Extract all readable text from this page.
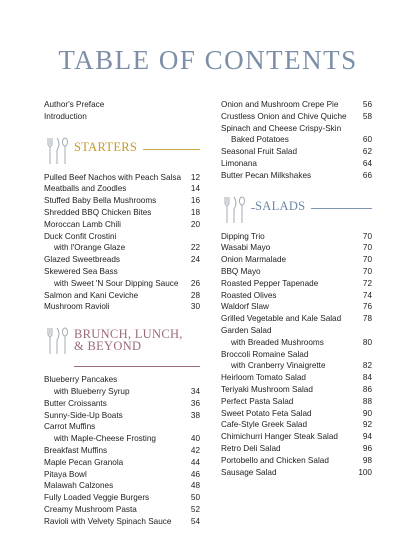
TABLE OF CONTENTS
Author's Preface
Introduction
STARTERS
Pulled Beef Nachos with Peach Salsa	12
Meatballs and Zoodles	14
Stuffed Baby Bella Mushrooms	16
Shredded BBQ Chicken Bites	18
Moroccan Lamb Chili	20
Duck Confit Crostini
with l'Orange Glaze	22
Glazed Sweetbreads	24
Skewered Sea Bass
with Sweet 'N Sour Dipping Sauce	26
Salmon and Kani Ceviche	28
Mushroom Ravioli	30
BRUNCH, LUNCH,
& BEYOND
Blueberry Pancakes
with Blueberry Syrup	34
Butter Croissants	36
Sunny-Side-Up Boats	38
Carrot Muffins
with Maple-Cheese Frosting	40
Breakfast Muffins	42
Maple Pecan Granola	44
Pitaya Bowl	46
Malawah Calzones	48
Fully Loaded Veggie Burgers	50
Creamy Mushroom Pasta	52
Ravioli with Velvety Spinach Sauce	54
Onion and Mushroom Crepe Pie	56
Crustless Onion and Chive Quiche	58
Spinach and Cheese Crispy-Skin
Baked Potatoes	60
Seasonal Fruit Salad	62
Limonana	64
Butter Pecan Milkshakes	66
SALADS
Dipping Trio	70
Wasabi Mayo	70
Onion Marmalade	70
BBQ Mayo	70
Roasted Pepper Tapenade	72
Roasted Olives	74
Waldorf Slaw	76
Grilled Vegetable and Kale Salad	78
Garden Salad
with Breaded Mushrooms	80
Broccoli Romaine Salad
with Cranberry Vinaigrette	82
Heirloom Tomato Salad	84
Teriyaki Mushroom Salad	86
Perfect Pasta Salad	88
Sweet Potato Feta Salad	90
Cafe-Style Greek Salad	92
Chimichurri Hanger Steak Salad	94
Retro Deli Salad	96
Portobello and Chicken Salad	98
Sausage Salad	100
